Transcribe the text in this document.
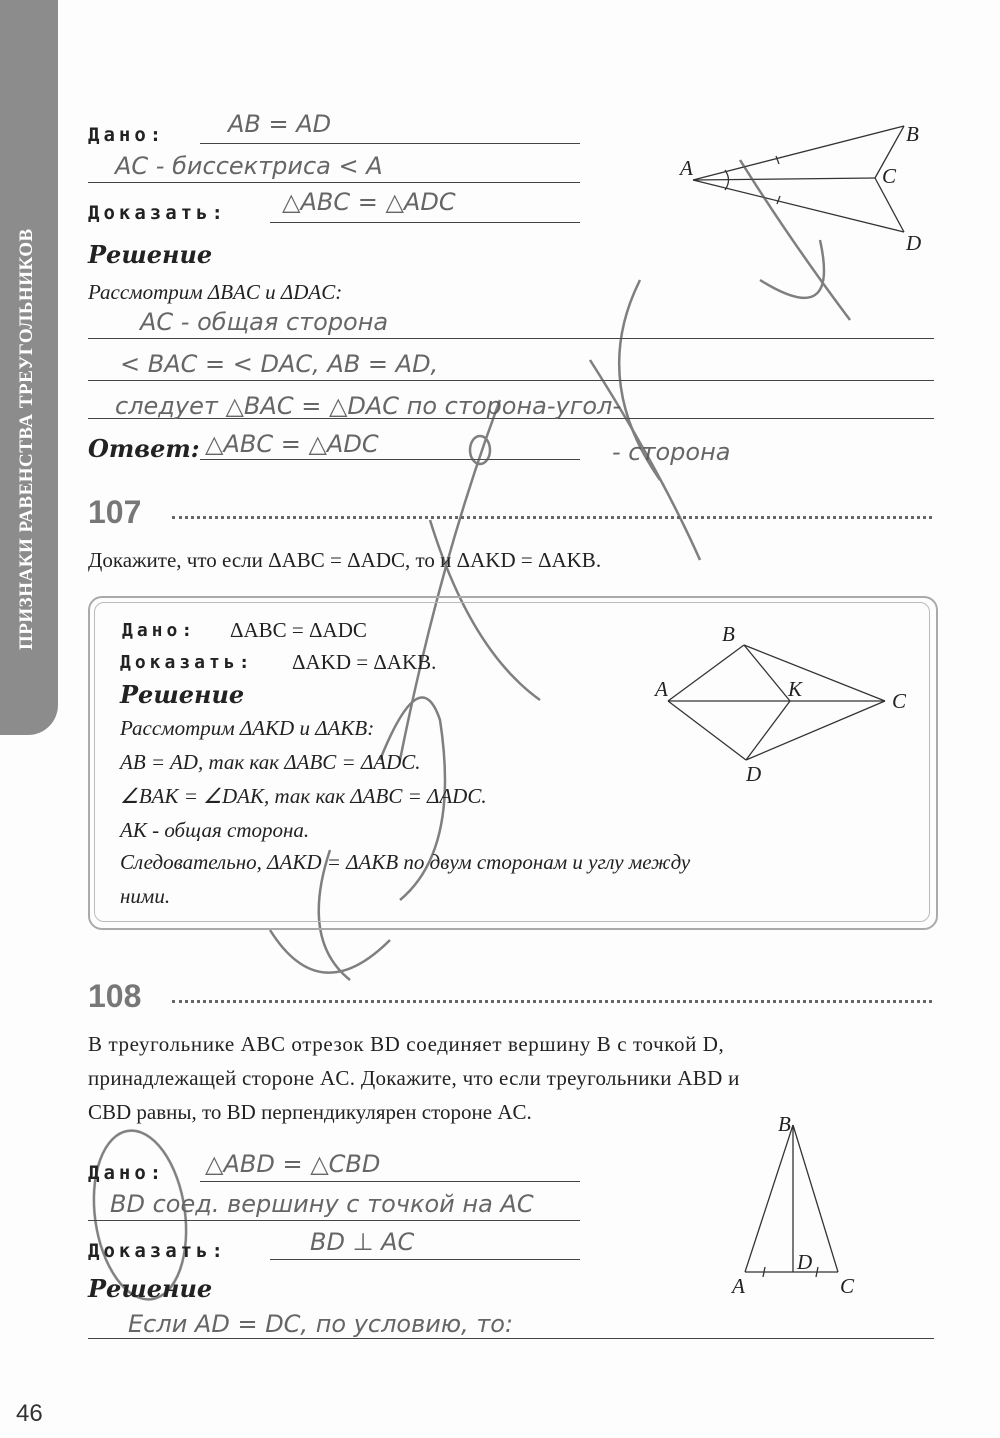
ПРИЗНАКИ РАВЕНСТВА ТРЕУГОЛЬНИКОВ
Дано:	AB = AD
AC - биссектриса < A
Доказать: △ABC = △ADC
Решение
Рассмотрим ΔBAC и ΔDAC:
AC - общая сторона
< BAC = < DAC, AB = AD,
следует △BAC = △DAC по сторона-угол-
Ответ: △ABC = △ADC	- сторона
A
B
C
D
107
Докажите, что если ΔABC = ΔADC, то и ΔAKD = ΔAKB.
Дано: ΔABC = ΔADC
Доказать: ΔAKD = ΔAKB.
Решение
Рассмотрим ΔAKD и ΔAKB:
AB = AD, так как ΔABC = ΔADC.
∠BAK = ∠DAK, так как ΔABC = ΔADC.
AK - общая сторона.
Следовательно, ΔAKD = ΔAKB по двум сторонам и углу между
ними.
A
B
K	C
D
108
В треугольнике ABC отрезок BD соединяет вершину B с точкой D,
принадлежащей стороне AC. Докажите, что если треугольники ABD и
CBD равны, то BD перпендикулярен стороне AC.
Дано: △ABD = △CBD
BD соед. вершину с точкой на AC
Доказать:	BD ⊥ AC
Решение
Если AD = DC, по условию, то:
B
A
D
C
46
